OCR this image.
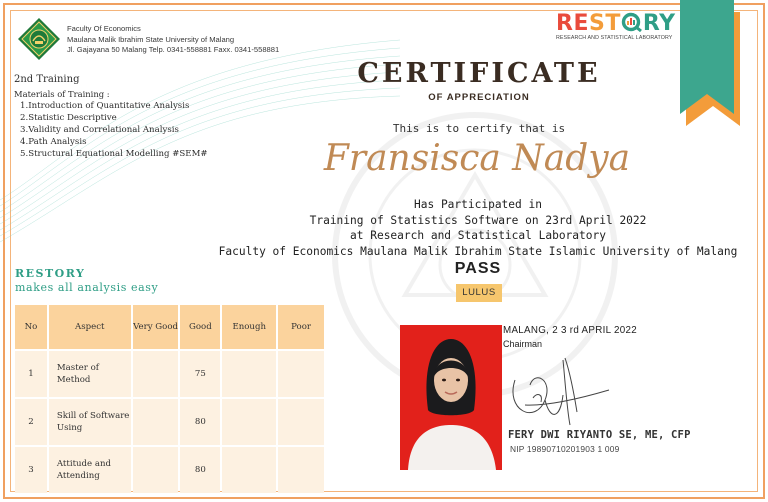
Faculty Of Economics
Maulana Malik Ibrahim State University of Malang
Jl. Gajayana 50 Malang Telp. 0341-558881 Faxx. 0341-558881
2nd Training
Materials of Training :
1.Introduction of Quantitative Analysis
2.Statistic Descriptive
3.Validity and Correlational Analysis
4.Path Analysis
5.Structural Equational Modelling #SEM#
RESTORY
makes all analysis easy
No	Aspect	Very Good	Good	Enough	Poor
1	Master of Method		75		
2	Skill of Software Using		80		
3	Attitude and Attending		80		
REST RY
RESEARCH AND STATISTICAL LABORATORY
CERTIFICATE
OF APPRECIATION
This is to certify that is
Fransisca Nadya
Has Participated in
Training of Statistics Software on 23rd April 2022
at Research and Statistical Laboratory
Faculty of Economics Maulana Malik Ibrahim State Islamic University of Malang
PASS
LULUS
MALANG, 2 3 rd APRIL 2022
Chairman
FERY DWI RIYANTO SE, ME, CFP
NIP 19890710201903 1 009
